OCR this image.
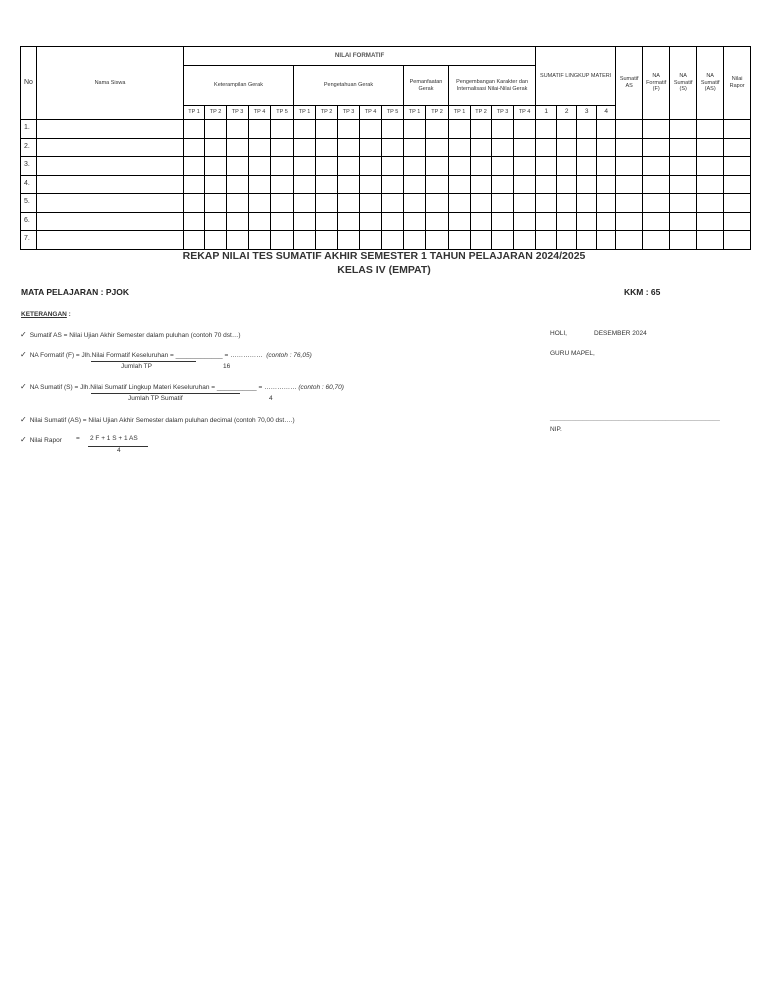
No	Nama Siswa	NILAI FORMATIF																SUMATIF LINGKUP MATERI				Sumatif AS	NA Formatif (F)	NA Sumatif (S)	NA Sumatif (AS)	Nilai Rapor
		Keterampilan Gerak					Pengetahuan Gerak					Pemanfaatan Gerak		Pengembangan Karakter dan Internalisasi Nilai-Nilai Gerak												
		TP 1	TP 2	TP 3	TP 4	TP 5	TP 1	TP 2	TP 3	TP 4	TP 5	TP 1	TP 2	TP 1	TP 2	TP 3	TP 4	1	2	3	4					
1.																										
2.																										
3.																										
4.																										
5.																										
6.																										
7.																										
REKAP NILAI TES SUMATIF AKHIR SEMESTER 1 TAHUN PELAJARAN 2024/2025
KELAS IV (EMPAT)
MATA PELAJARAN : PJOK	KKM : 65
KETERANGAN :
✓ Sumatif AS = Nilai Ujian Akhir Semester dalam puluhan (contoh 70 dst…)
✓ NA Formatif (F) = Jlh.Nilai Formatif Keseluruhan = _____________ = …………… (contoh : 76,05)
Jumlah TP	16
✓ NA Sumatif (S) = Jlh.Nilai Sumatif Lingkup Materi Keseluruhan = ___________ = …………… (contoh : 60,70)
Jumlah TP Sumatif	4
✓ Nilai Sumatif (AS) = Nilai Ujian Akhir Semester dalam puluhan decimal (contoh 70,00 dst….)
✓ Nilai Rapor = 2 F + 1 S + 1 AS
4
HOLI,	DESEMBER 2024
GURU MAPEL,
_______________________________________________
NIP.
